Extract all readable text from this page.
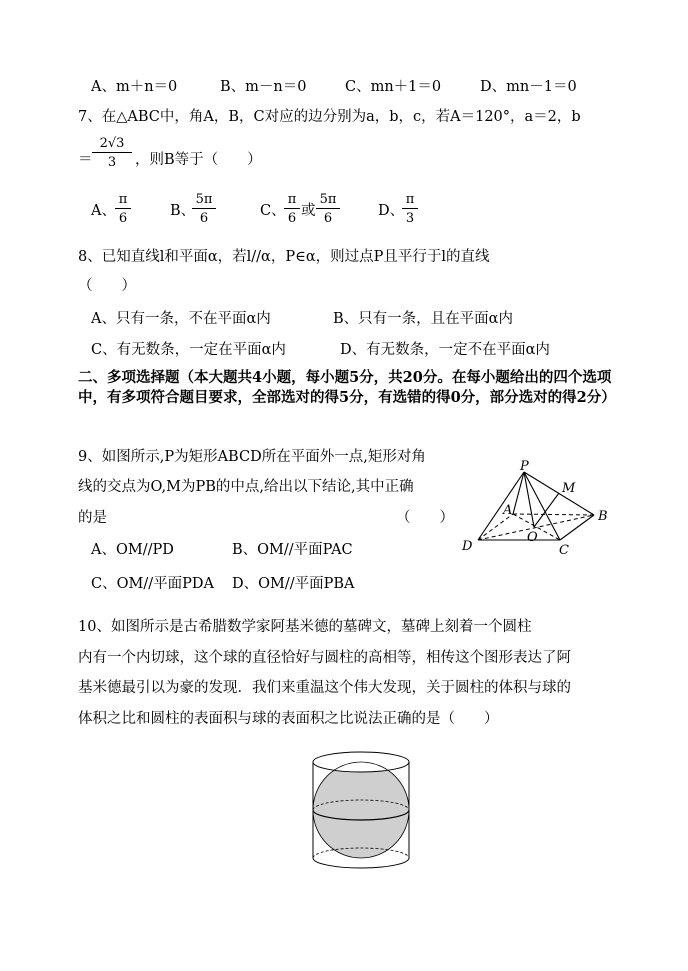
A、m＋n＝0	B、m－n＝0	C、mn＋1＝0	D、mn－1＝0
7、在△ABC中，角A，B，C对应的边分别为a，b，c，若A＝120°，a＝2，b
＝
2√3
3	，则B等于（　　）
A、
π
6	B、
5π
6	C、
π
6 或
5π
6	D、
π
3
8、已知直线l和平面α，若l//α，P∈α，则过点P且平行于l的直线
（　　）
A、只有一条，不在平面α内	B、只有一条，且在平面α内
C、有无数条，一定在平面α内	D、有无数条，一定不在平面α内
二、多项选择题（本大题共4小题，每小题5分，共20分。在每小题给出的四个选项中，有多项符合题目要求，全部选对的得5分，有选错的得0分，部分选对的得2分）
9、如图所示,P为矩形ABCD所在平面外一点,矩形对角
线的交点为O,M为PB的中点,给出以下结论,其中正确
的是	（　　）
A、OM//PD	B、OM//平面PAC
C、OM//平面PDA D、OM//平面PBA
P
M
A	B
O
D	C
10、如图所示是古希腊数学家阿基米德的墓碑文，墓碑上刻着一个圆柱
内有一个内切球，这个球的直径恰好与圆柱的高相等，相传这个图形表达了阿
基米德最引以为豪的发现．我们来重温这个伟大发现，关于圆柱的体积与球的
体积之比和圆柱的表面积与球的表面积之比说法正确的是（　　）
